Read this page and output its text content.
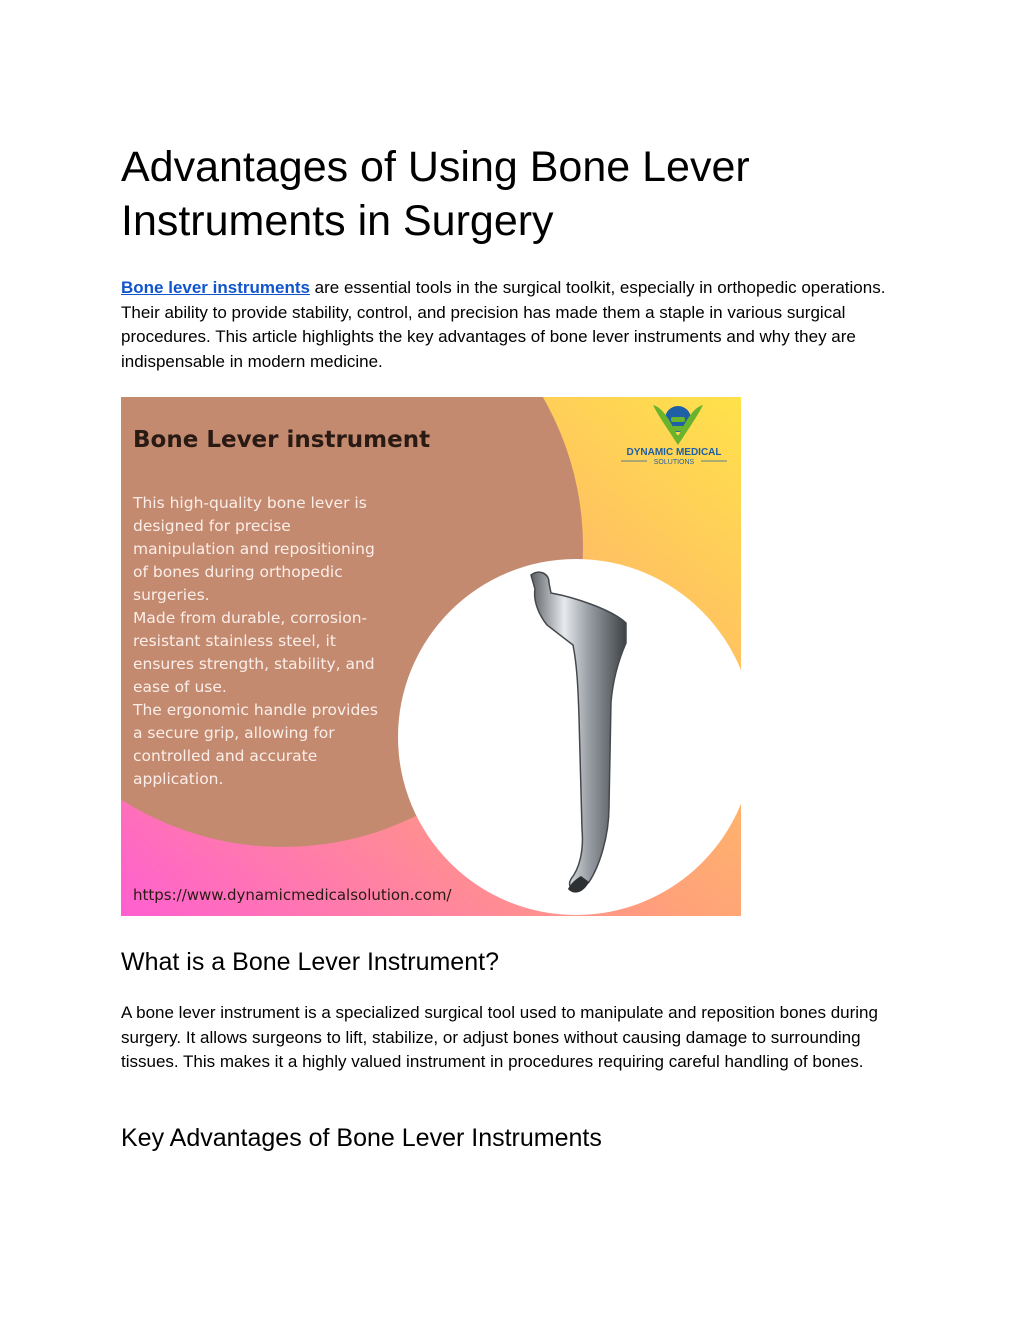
Advantages of Using Bone Lever Instruments in Surgery

Bone lever instruments are essential tools in the surgical toolkit, especially in orthopedic operations. Their ability to provide stability, control, and precision has made them a staple in various surgical procedures. This article highlights the key advantages of bone lever instruments and why they are indispensable in modern medicine.

DYNAMIC MEDICAL
SOLUTIONS
Bone Lever instrument
This high-quality bone lever is
designed for precise
manipulation and repositioning
of bones during orthopedic
surgeries.
Made from durable, corrosion-
resistant stainless steel, it
ensures strength, stability, and
ease of use.
The ergonomic handle provides
a secure grip, allowing for
controlled and accurate
application.
https://www.dynamicmedicalsolution.com/
What is a Bone Lever Instrument?

A bone lever instrument is a specialized surgical tool used to manipulate and reposition bones during surgery. It allows surgeons to lift, stabilize, or adjust bones without causing damage to surrounding tissues. This makes it a highly valued instrument in procedures requiring careful handling of bones.

Key Advantages of Bone Lever Instruments
